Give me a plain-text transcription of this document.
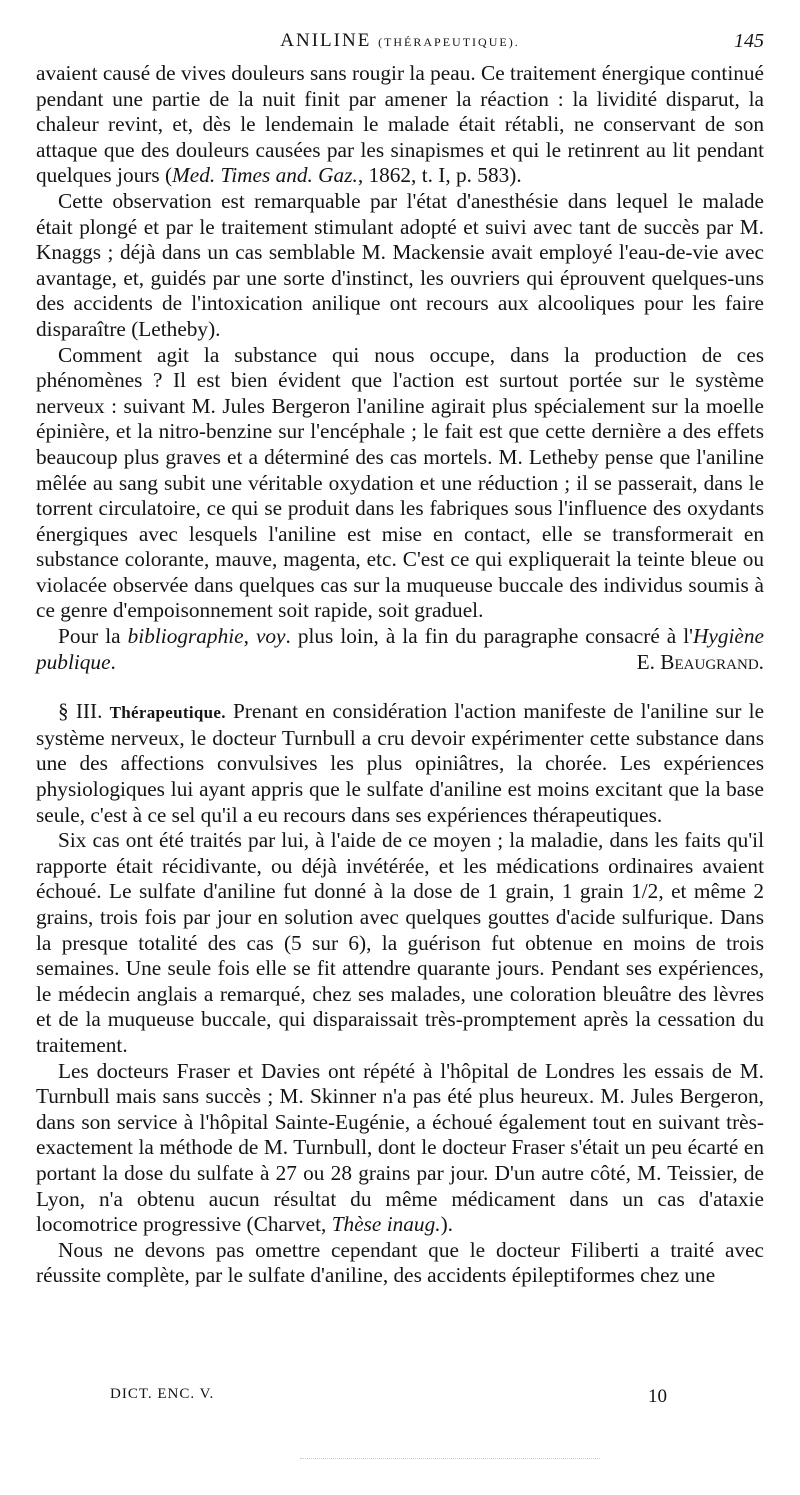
ANILINE (THÉRAPEUTIQUE).	145

avaient causé de vives douleurs sans rougir la peau. Ce traitement énergique continué pendant une partie de la nuit finit par amener la réaction : la lividité disparut, la chaleur revint, et, dès le lendemain le malade était rétabli, ne conservant de son attaque que des douleurs causées par les sinapismes et qui le retinrent au lit pendant quelques jours (Med. Times and. Gaz., 1862, t. I, p. 583).

Cette observation est remarquable par l'état d'anesthésie dans lequel le malade était plongé et par le traitement stimulant adopté et suivi avec tant de succès par M. Knaggs ; déjà dans un cas semblable M. Mackensie avait employé l'eau-de-vie avec avantage, et, guidés par une sorte d'instinct, les ouvriers qui éprouvent quelques-uns des accidents de l'intoxication anilique ont recours aux alcooliques pour les faire disparaître (Letheby).

Comment agit la substance qui nous occupe, dans la production de ces phénomènes ? Il est bien évident que l'action est surtout portée sur le système nerveux : suivant M. Jules Bergeron l'aniline agirait plus spécialement sur la moelle épinière, et la nitro-benzine sur l'encéphale ; le fait est que cette dernière a des effets beaucoup plus graves et a déterminé des cas mortels. M. Letheby pense que l'aniline mêlée au sang subit une véritable oxydation et une réduction ; il se passerait, dans le torrent circulatoire, ce qui se produit dans les fabriques sous l'influence des oxydants énergiques avec lesquels l'aniline est mise en contact, elle se transformerait en substance colorante, mauve, magenta, etc. C'est ce qui expliquerait la teinte bleue ou violacée observée dans quelques cas sur la muqueuse buccale des individus soumis à ce genre d'empoisonnement soit rapide, soit graduel.

Pour la bibliographie, voy. plus loin, à la fin du paragraphe consacré à l'Hygiène publique.	E. Beaugrand.

§ III. Thérapeutique. Prenant en considération l'action manifeste de l'aniline sur le système nerveux, le docteur Turnbull a cru devoir expérimenter cette substance dans une des affections convulsives les plus opiniâtres, la chorée. Les expériences physiologiques lui ayant appris que le sulfate d'aniline est moins excitant que la base seule, c'est à ce sel qu'il a eu recours dans ses expériences thérapeutiques.

Six cas ont été traités par lui, à l'aide de ce moyen ; la maladie, dans les faits qu'il rapporte était récidivante, ou déjà invétérée, et les médications ordinaires avaient échoué. Le sulfate d'aniline fut donné à la dose de 1 grain, 1 grain 1/2, et même 2 grains, trois fois par jour en solution avec quelques gouttes d'acide sulfurique. Dans la presque totalité des cas (5 sur 6), la guérison fut obtenue en moins de trois semaines. Une seule fois elle se fit attendre quarante jours. Pendant ses expériences, le médecin anglais a remarqué, chez ses malades, une coloration bleuâtre des lèvres et de la muqueuse buccale, qui disparaissait très-promptement après la cessation du traitement.

Les docteurs Fraser et Davies ont répété à l'hôpital de Londres les essais de M. Turnbull mais sans succès ; M. Skinner n'a pas été plus heureux. M. Jules Bergeron, dans son service à l'hôpital Sainte-Eugénie, a échoué également tout en suivant très-exactement la méthode de M. Turnbull, dont le docteur Fraser s'était un peu écarté en portant la dose du sulfate à 27 ou 28 grains par jour. D'un autre côté, M. Teissier, de Lyon, n'a obtenu aucun résultat du même médicament dans un cas d'ataxie locomotrice progressive (Charvet, Thèse inaug.).

Nous ne devons pas omettre cependant que le docteur Filiberti a traité avec réussite complète, par le sulfate d'aniline, des accidents épileptiformes chez une

DICT. ENC. V.	10
